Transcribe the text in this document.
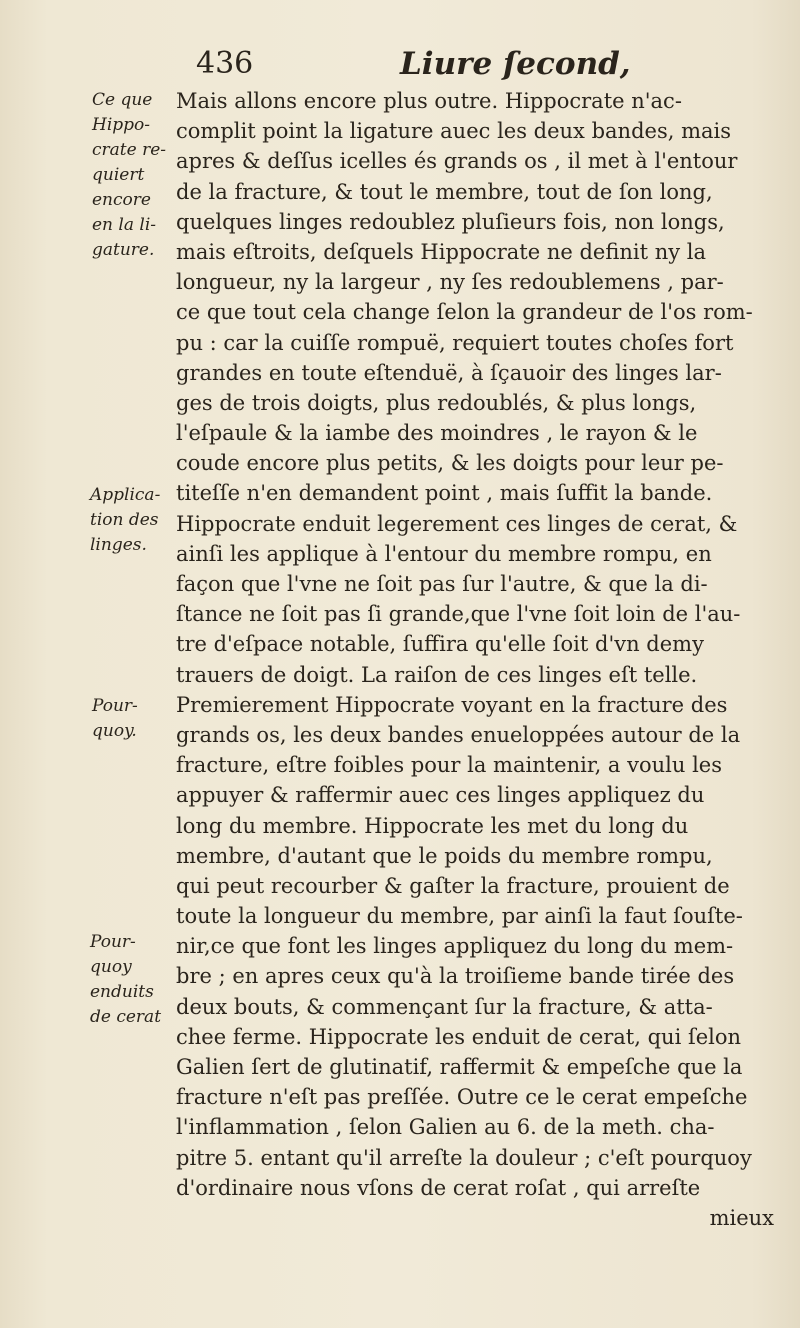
436	Liure ſecond,
Ce que
Hippo-
crate re-
quiert
encore
en la li-
gature.
Applica-
tion des
linges.
Pour-
quoy.
Pour-
quoy
enduits
de cerat
Mais allons encore plus outre. Hippocrate n'ac-
complit point la ligature auec les deux bandes, mais
apres & deſſus icelles és grands os , il met à l'entour
de la fracture, & tout le membre, tout de ſon long,
quelques linges redoublez pluſieurs fois, non longs,
mais eſtroits, deſquels Hippocrate ne definit ny la
longueur, ny la largeur , ny ſes redoublemens , par-
ce que tout cela change ſelon la grandeur de l'os rom-
pu : car la cuiſſe rompuë, requiert toutes choſes fort
grandes en toute eſtenduë, à ſçauoir des linges lar-
ges de trois doigts, plus redoublés, & plus longs,
l'eſpaule & la iambe des moindres , le rayon & le
coude encore plus petits, & les doigts pour leur pe-
titeſſe n'en demandent point , mais ſuffit la bande.
Hippocrate enduit legerement ces linges de cerat, &
ainſi les applique à l'entour du membre rompu, en
façon que l'vne ne ſoit pas ſur l'autre, & que la di-
ſtance ne ſoit pas ſi grande,que l'vne ſoit loin de l'au-
tre d'eſpace notable, ſuffira qu'elle ſoit d'vn demy
trauers de doigt. La raiſon de ces linges eſt telle.
Premierement Hippocrate voyant en la fracture des
grands os, les deux bandes enueloppées autour de la
fracture, eſtre foibles pour la maintenir, a voulu les
appuyer & raffermir auec ces linges appliquez du
long du membre. Hippocrate les met du long du
membre, d'autant que le poids du membre rompu,
qui peut recourber & gaſter la fracture, prouient de
toute la longueur du membre, par ainſi la faut ſouſte-
nir,ce que font les linges appliquez du long du mem-
bre ; en apres ceux qu'à la troiſieme bande tirée des
deux bouts, & commençant ſur la fracture, & atta-
chee ferme. Hippocrate les enduit de cerat, qui ſelon
Galien ſert de glutinatif, raffermit & empeſche que la
fracture n'eſt pas preſſée. Outre ce le cerat empeſche
l'inflammation , ſelon Galien au 6. de la meth. cha-
pitre 5. entant qu'il arreſte la douleur ; c'eſt pourquoy
d'ordinaire nous vſons de cerat roſat , qui arreſte
mieux
